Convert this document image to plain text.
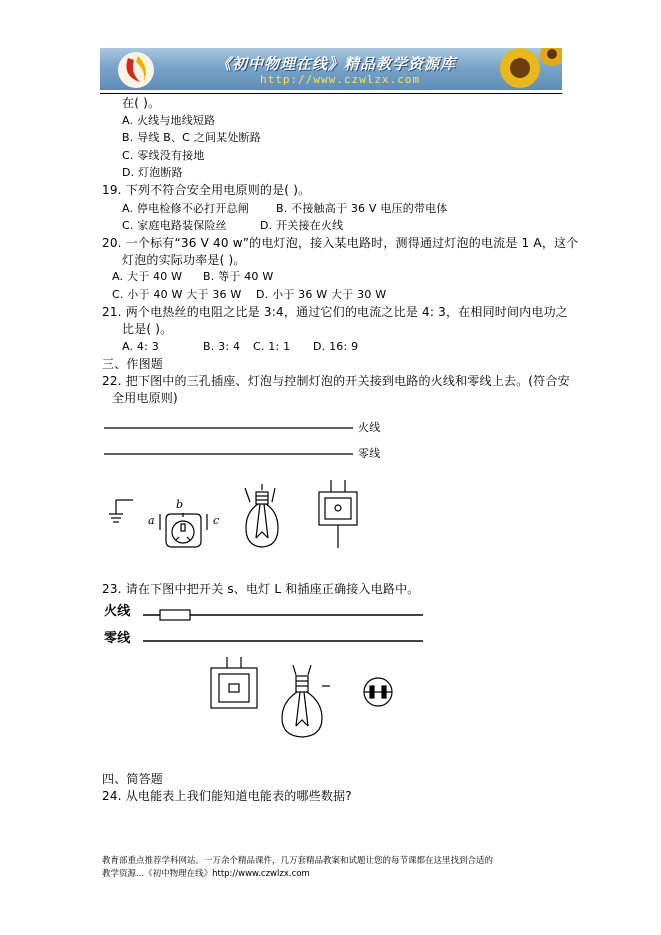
《初中物理在线》精品教学资源库
http://www.czwlzx.com
在( )。
A. 火线与地线短路
B. 导线 B、C 之间某处断路
C. 零线没有接地
D. 灯泡断路
19. 下列不符合安全用电原则的是( )。
A. 停电检修不必打开总闸 B. 不接触高于 36 V 电压的带电体
C. 家庭电路装保险丝	D. 开关接在火线
20. 一个标有“36 V 40 w”的电灯泡，接入某电路时，测得通过灯泡的电流是 1 A，这个
灯泡的实际功率是( )。
A. 大于 40 W B. 等于 40 W
C. 小于 40 W 大于 36 W D. 小于 36 W 大于 30 W
21. 两个电热丝的电阻之比是 3:4，通过它们的电流之比是 4: 3，在相同时间内电功之
比是( )。
A. 4: 3	B. 3: 4 C. 1: 1 D. 16: 9
三、作图题
22. 把下图中的三孔插座、灯泡与控制灯泡的开关接到电路的火线和零线上去。(符合安
全用电原则)
火线
零线
a
b
c
23. 请在下图中把开关 s、电灯 L 和插座正确接入电路中。
火线
零线
四、简答题
24. 从电能表上我们能知道电能表的哪些数据?
教育部重点推荐学科网站。一万余个精品课件，几万套精品教案和试题让您的每节课都在这里找到合适的
教学资源...《初中物理在线》http://www.czwlzx.com
